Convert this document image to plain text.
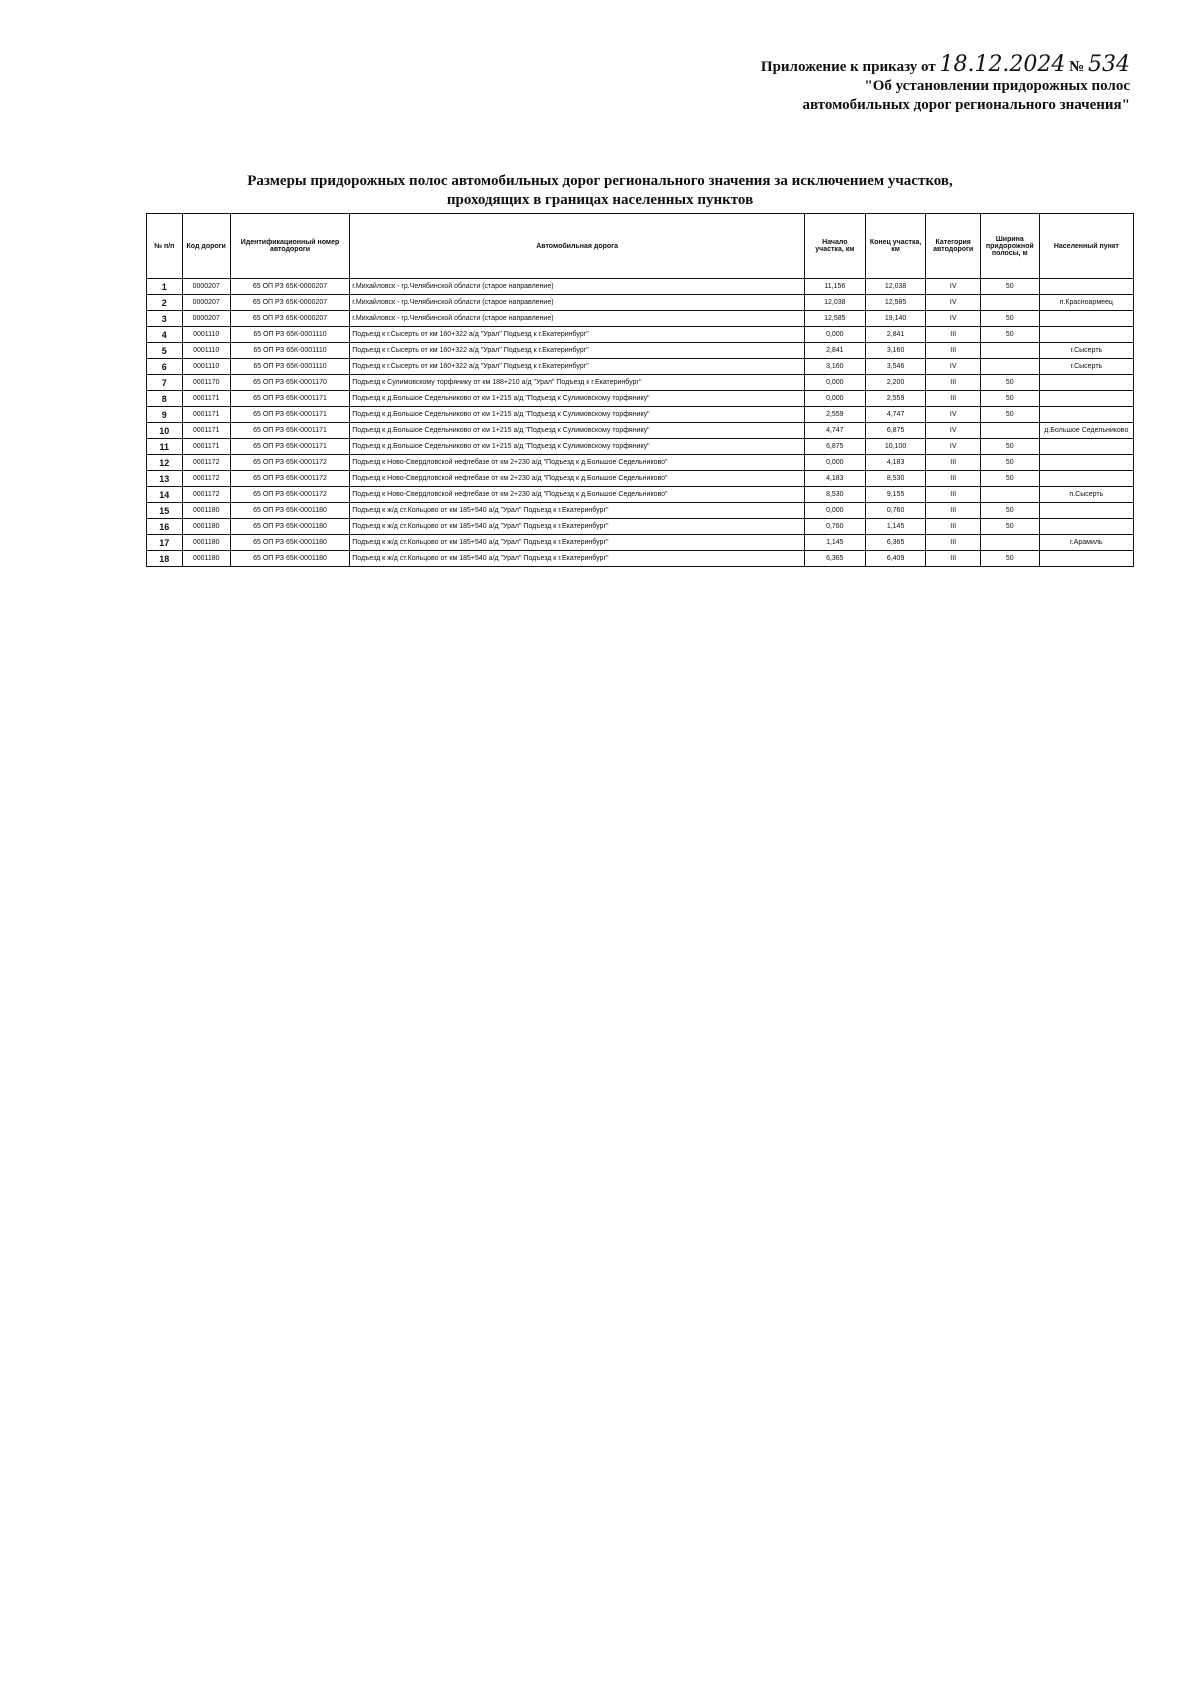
Приложение к приказу от 18.12.2024 № 534
"Об установлении придорожных полос
автомобильных дорог регионального значения"
Размеры придорожных полос автомобильных дорог регионального значения за исключением участков,
проходящих в границах населенных пунктов
№ п/п	Код дороги	Идентификационный номер автодороги	Автомобильная дорога	Начало участка, км	Конец участка, км	Категория автодороги	Ширина придорожной полосы, м	Населенный пункт
1	0000207	65 ОП РЗ 65К-0000207	г.Михайловск - гр.Челябинской области (старое направление)	11,156	12,038	IV	50	
2	0000207	65 ОП РЗ 65К-0000207	г.Михайловск - гр.Челябинской области (старое направление)	12,038	12,585	IV		п.Красноармеец
3	0000207	65 ОП РЗ 65К-0000207	г.Михайловск - гр.Челябинской области (старое направление)	12,585	19,140	IV	50	
4	0001110	65 ОП РЗ 65К-0001110	Подъезд к г.Сысерть от км 160+322 а/д "Урал" Подъезд к г.Екатеринбург"	0,000	2,841	III	50	
5	0001110	65 ОП РЗ 65К-0001110	Подъезд к г.Сысерть от км 160+322 а/д "Урал" Подъезд к г.Екатеринбург"	2,841	3,160	III		г.Сысерть
6	0001110	65 ОП РЗ 65К-0001110	Подъезд к г.Сысерть от км 160+322 а/д "Урал" Подъезд к г.Екатеринбург"	3,160	3,546	IV		г.Сысерть
7	0001170	65 ОП РЗ 65К-0001170	Подъезд к Сулимовскому торфянику от км 188+210 а/д "Урал" Подъезд к г.Екатеринбург"	0,000	2,200	III	50	
8	0001171	65 ОП РЗ 65К-0001171	Подъезд к д.Большое Седельниково от км 1+215 а/д "Подъезд к Сулимовскому торфянику"	0,000	2,559	III	50	
9	0001171	65 ОП РЗ 65К-0001171	Подъезд к д.Большое Седельниково от км 1+215 а/д "Подъезд к Сулимовскому торфянику"	2,559	4,747	IV	50	
10	0001171	65 ОП РЗ 65К-0001171	Подъезд к д.Большое Седельниково от км 1+215 а/д "Подъезд к Сулимовскому торфянику"	4,747	6,875	IV		д.Большое Седельниково
11	0001171	65 ОП РЗ 65К-0001171	Подъезд к д.Большое Седельниково от км 1+215 а/д "Подъезд к Сулимовскому торфянику"	6,875	10,100	IV	50	
12	0001172	65 ОП РЗ 65К-0001172	Подъезд к Ново-Свердловской нефтебазе от км 2+230 а/д "Подъезд к д.Большое Седельниково"	0,000	4,183	III	50	
13	0001172	65 ОП РЗ 65К-0001172	Подъезд к Ново-Свердловской нефтебазе от км 2+230 а/д "Подъезд к д.Большое Седельниково"	4,183	8,530	III	50	
14	0001172	65 ОП РЗ 65К-0001172	Подъезд к Ново-Свердловской нефтебазе от км 2+230 а/д "Подъезд к д.Большое Седельниково"	8,530	9,155	III		п.Сысерть
15	0001180	65 ОП РЗ 65К-0001180	Подъезд к ж/д ст.Кольцово от км 185+540 а/д "Урал" Подъезд к г.Екатеринбург"	0,000	0,760	III	50	
16	0001180	65 ОП РЗ 65К-0001180	Подъезд к ж/д ст.Кольцово от км 185+540 а/д "Урал" Подъезд к г.Екатеринбург"	0,760	1,145	III	50	
17	0001180	65 ОП РЗ 65К-0001180	Подъезд к ж/д ст.Кольцово от км 185+540 а/д "Урал" Подъезд к г.Екатеринбург"	1,145	6,365	III		г.Арамиль
18	0001180	65 ОП РЗ 65К-0001180	Подъезд к ж/д ст.Кольцово от км 185+540 а/д "Урал" Подъезд к г.Екатеринбург"	6,365	6,409	III	50	
